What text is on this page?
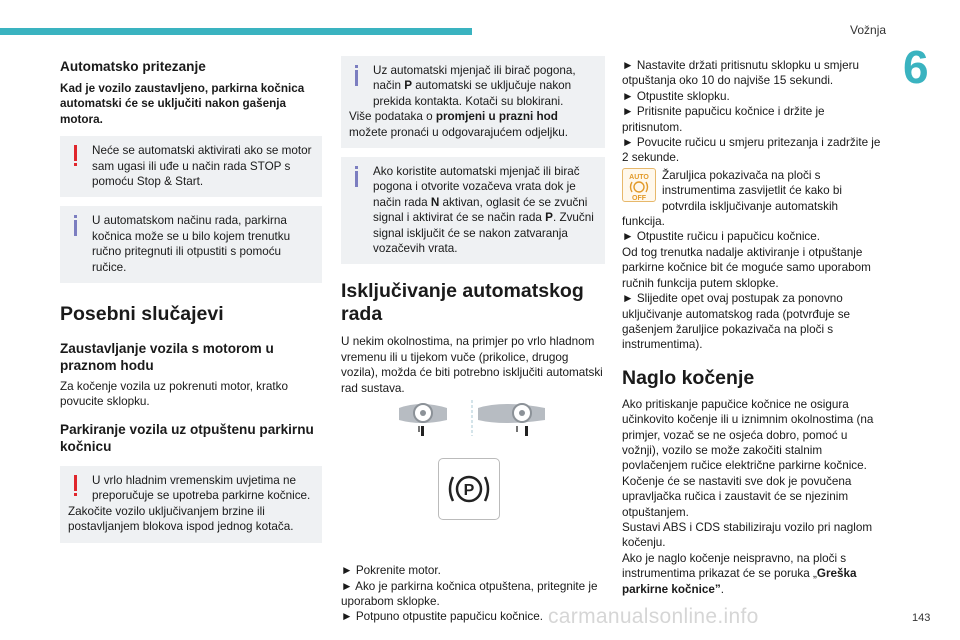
Vožnja
6
Automatsko pritezanje

Kad je vozilo zaustavljeno, parkirna kočnica automatski će se uključiti nakon gašenja motora.

Neće se automatski aktivirati ako se motor sam ugasi ili uđe u način rada STOP s pomoću Stop & Start.

U automatskom načinu rada, parkirna kočnica može se u bilo kojem trenutku ručno pritegnuti ili otpustiti s pomoću ručice.

Posebni slučajevi
Zaustavljanje vozila s motorom u praznom hodu

Za kočenje vozila uz pokrenuti motor, kratko povucite sklopku.

Parkiranje vozila uz otpuštenu parkirnu kočnicu

U vrlo hladnim vremenskim uvjetima ne preporučuje se upotreba parkirne kočnice.

Zakočite vozilo uključivanjem brzine ili postavljanjem blokova ispod jednog kotača.

Uz automatski mjenjač ili birač pogona, način P automatski se uključuje nakon prekida kontakta. Kotači su blokirani.

Više podataka o promjeni u prazni hod možete pronaći u odgovarajućem odjeljku.

Ako koristite automatski mjenjač ili birač pogona i otvorite vozačeva vrata dok je način rada N aktivan, oglasit će se zvučni signal i aktivirat će se način rada P. Zvučni signal isključit će se nakon zatvaranja vozačevih vrata.

Isključivanje automatskog rada

U nekim okolnostima, na primjer po vrlo hladnom vremenu ili u tijekom vuče (prikolice, drugog vozila), možda će biti potrebno isključiti automatski rad sustava.

P

► Pokrenite motor.

► Ako je parkirna kočnica otpuštena, pritegnite je uporabom sklopke.

► Potpuno otpustite papučicu kočnice.

► Nastavite držati pritisnutu sklopku u smjeru otpuštanja oko 10 do najviše 15 sekundi.

► Otpustite sklopku.

► Pritisnite papučicu kočnice i držite je pritisnutom.

► Povucite ručicu u smjeru pritezanja i zadržite je 2 sekunde.

AUTO
OFF

Žaruljica pokazivača na ploči s instrumentima zasvijetlit će kako bi potvrdila isključivanje automatskih funkcija.

► Otpustite ručicu i papučicu kočnice.

Od tog trenutka nadalje aktiviranje i otpuštanje parkirne kočnice bit će moguće samo uporabom ručnih funkcija putem sklopke.

► Slijedite opet ovaj postupak za ponovno uključivanje automatskog rada (potvrđuje se gašenjem žaruljice pokazivača na ploči s instrumentima).

Naglo kočenje

Ako pritiskanje papučice kočnice ne osigura učinkovito kočenje ili u iznimnim okolnostima (na primjer, vozač se ne osjeća dobro, pomoć u vožnji), vozilo se može zakočiti stalnim povlačenjem ručice električne parkirne kočnice.

Kočenje će se nastaviti sve dok je povučena upravljačka ručica i zaustavit će se njezinim otpuštanjem.

Sustavi ABS i CDS stabiliziraju vozilo pri naglom kočenju.

Ako je naglo kočenje neispravno, na ploči s instrumentima prikazat će se poruka „Greška parkirne kočnice”.

carmanualsonline.info	143
